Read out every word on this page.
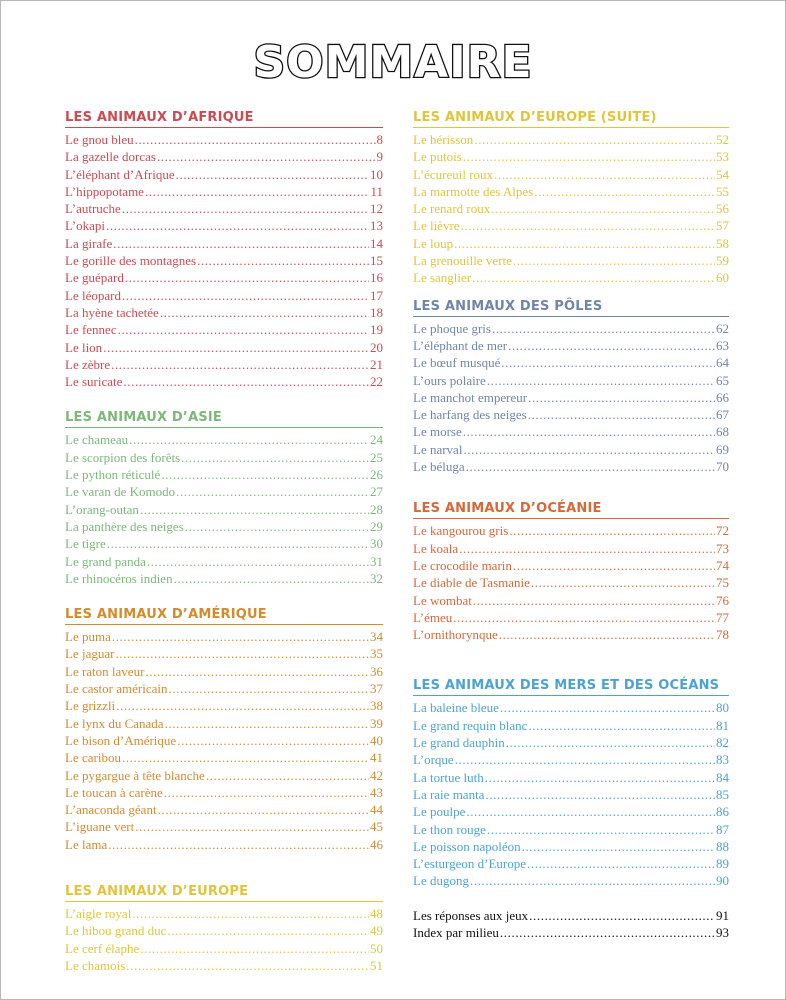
SOMMAIRE
LES ANIMAUX D’AFRIQUE
Le gnou bleu .....	8
La gazelle dorcas .....	9
L’éléphant d’Afrique .....	10
L’hippopotame .....	11
L’autruche .....	12
L’okapi .....	13
La girafe .....	14
Le gorille des montagnes .....	15
Le guépard .....	16
Le léopard .....	17
La hyène tachetée .....	18
Le fennec .....	19
Le lion .....	20
Le zèbre .....	21
Le suricate .....	22
LES ANIMAUX D’ASIE
Le chameau .....	24
Le scorpion des forêts .....	25
Le python réticulé .....	26
Le varan de Komodo .....	27
L’orang-outan .....	28
La panthère des neiges .....	29
Le tigre .....	30
Le grand panda .....	31
Le rhinocéros indien .....	32
LES ANIMAUX D’AMÉRIQUE
Le puma .....	34
Le jaguar .....	35
Le raton laveur .....	36
Le castor américain .....	37
Le grizzli .....	38
Le lynx du Canada .....	39
Le bison d’Amérique .....	40
Le caribou .....	41
Le pygargue à tête blanche .....	42
Le toucan à carène .....	43
L’anaconda géant .....	44
L’iguane vert .....	45
Le lama .....	46
LES ANIMAUX D’EUROPE
L’aigle royal .....	48
Le hibou grand duc .....	49
Le cerf élaphe .....	50
Le chamois .....	51
LES ANIMAUX D’EUROPE (SUITE)
Le hérisson .....	52
Le putois .....	53
L’écureuil roux .....	54
La marmotte des Alpes .....	55
Le renard roux .....	56
Le lièvre .....	57
Le loup .....	58
La grenouille verte .....	59
Le sanglier .....	60
LES ANIMAUX DES PÔLES
Le phoque gris .....	62
L’éléphant de mer .....	63
Le bœuf musqué .....	64
L’ours polaire .....	65
Le manchot empereur .....	66
Le harfang des neiges .....	67
Le morse .....	68
Le narval .....	69
Le béluga .....	70
LES ANIMAUX D’OCÉANIE
Le kangourou gris .....	72
Le koala .....	73
Le crocodile marin .....	74
Le diable de Tasmanie .....	75
Le wombat .....	76
L’émeu .....	77
L’ornithorynque .....	78
LES ANIMAUX DES MERS ET DES OCÉANS
La baleine bleue .....	80
Le grand requin blanc .....	81
Le grand dauphin .....	82
L’orque .....	83
La tortue luth .....	84
La raie manta .....	85
Le poulpe .....	86
Le thon rouge .....	87
Le poisson napoléon .....	88
L’esturgeon d’Europe .....	89
Le dugong .....	90
Les réponses aux jeux .....	91
Index par milieu .....	93
